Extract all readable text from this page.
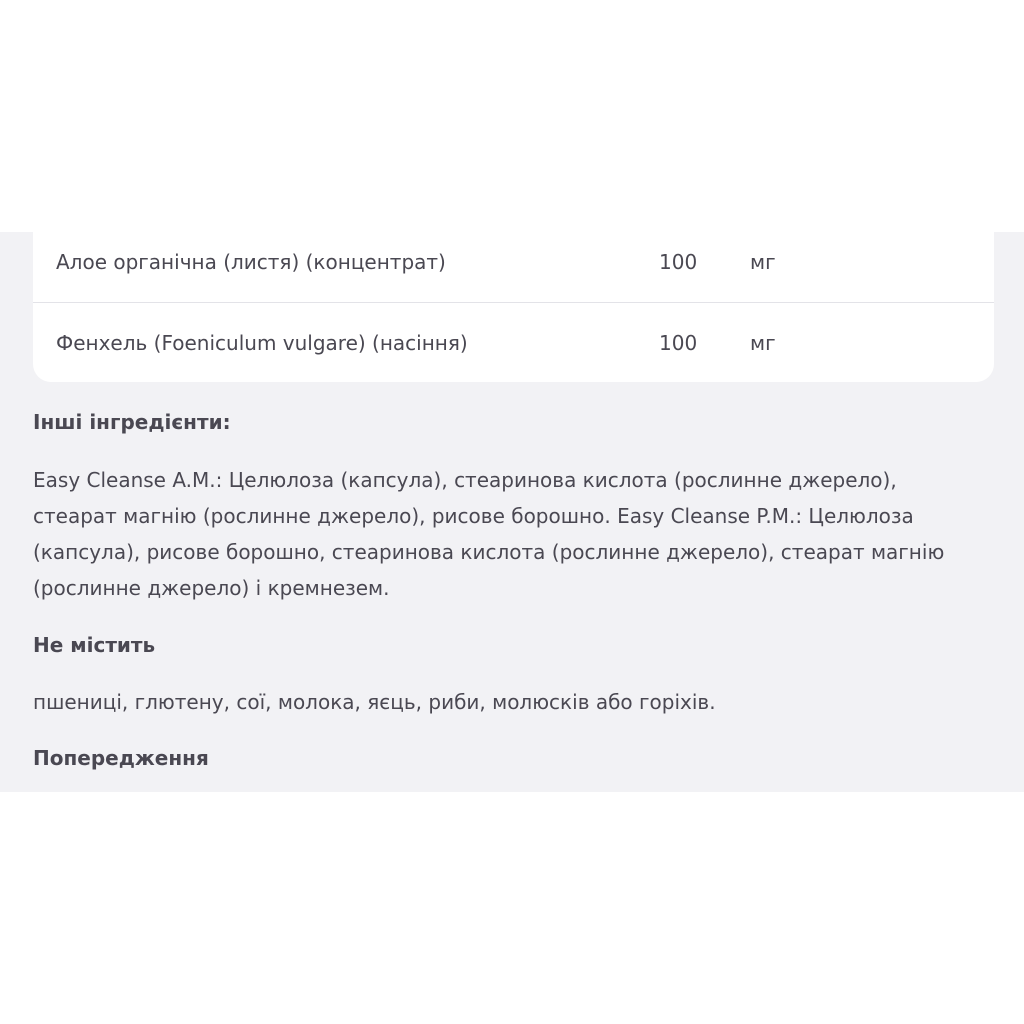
Алое органічна (листя) (концентрат)	100	мг
Фенхель (Foeniculum vulgare) (насіння)	100	мг
Інші інгредієнти:
Easy Cleanse A.M.: Целюлоза (капсула), стеаринова кислота (рослинне джерело), стеарат магнію (рослинне джерело), рисове борошно. Easy Cleanse P.M.: Целюлоза (капсула), рисове борошно, стеаринова кислота (рослинне джерело), стеарат магнію (рослинне джерело) і кремнезем.
Не містить
пшениці, глютену, сої, молока, яєць, риби, молюсків або горіхів.
Попередження
